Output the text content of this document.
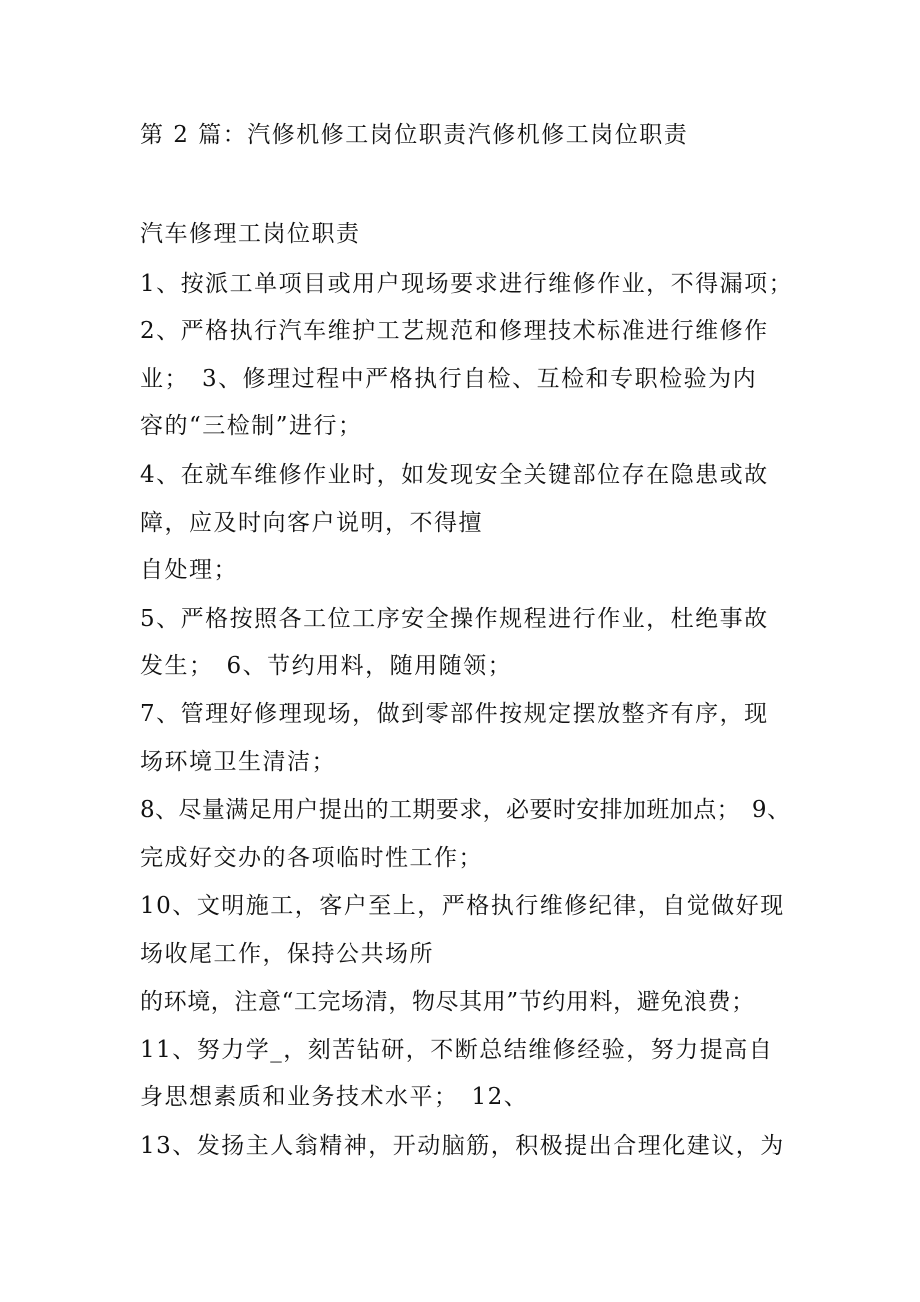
第 2 篇：汽修机修工岗位职责汽修机修工岗位职责
汽车修理工岗位职责
1、按派工单项目或用户现场要求进行维修作业，不得漏项；
2、严格执行汽车维护工艺规范和修理技术标准进行维修作
业；　3、修理过程中严格执行自检、互检和专职检验为内
容的“三检制”进行；
4、在就车维修作业时，如发现安全关键部位存在隐患或故
障，应及时向客户说明，不得擅
自处理；
5、严格按照各工位工序安全操作规程进行作业，杜绝事故
发生；　6、节约用料，随用随领；
7、管理好修理现场，做到零部件按规定摆放整齐有序，现
场环境卫生清洁；
8、尽量满足用户提出的工期要求，必要时安排加班加点；　9、
完成好交办的各项临时性工作；
10、文明施工，客户至上，严格执行维修纪律，自觉做好现
场收尾工作，保持公共场所
的环境，注意“工完场清，物尽其用”节约用料，避免浪费；
11、努力学_，刻苦钻研，不断总结维修经验，努力提高自
身思想素质和业务技术水平；　12、
13、发扬主人翁精神，开动脑筋，积极提出合理化建议，为
